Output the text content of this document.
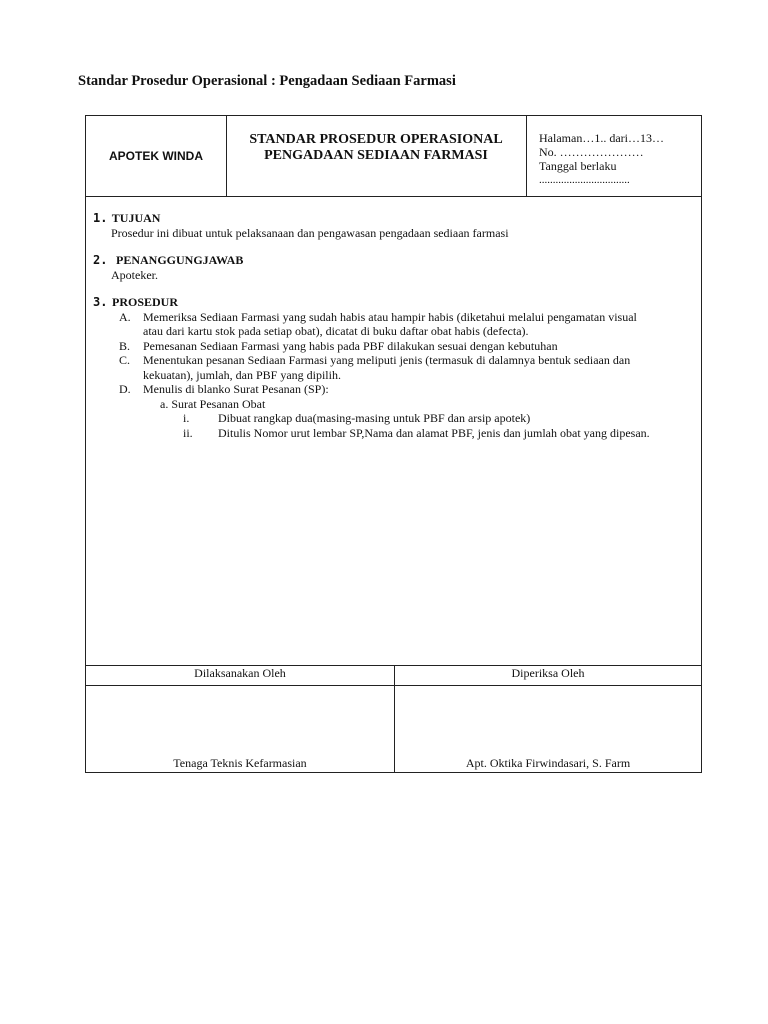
Standar Prosedur Operasional : Pengadaan Sediaan Farmasi
APOTEK WINDA
STANDAR PROSEDUR OPERASIONAL
PENGADAAN SEDIAAN FARMASI
Halaman…1.. dari…13…
No. …………………
Tanggal berlaku
.................................
1. TUJUAN
Prosedur ini dibuat untuk pelaksanaan dan pengawasan pengadaan sediaan farmasi
2. PENANGGUNGJAWAB
Apoteker.
3. PROSEDUR
A. Memeriksa Sediaan Farmasi yang sudah habis atau hampir habis (diketahui melalui pengamatan visual
atau dari kartu stok pada setiap obat), dicatat di buku daftar obat habis (defecta).
B. Pemesanan Sediaan Farmasi yang habis pada PBF dilakukan sesuai dengan kebutuhan
C. Menentukan pesanan Sediaan Farmasi yang meliputi jenis (termasuk di dalamnya bentuk sediaan dan
kekuatan), jumlah, dan PBF yang dipilih.
D. Menulis di blanko Surat Pesanan (SP):
a. Surat Pesanan Obat
i.	Dibuat rangkap dua(masing-masing untuk PBF dan arsip apotek)
ii.	Ditulis Nomor urut lembar SP,Nama dan alamat PBF, jenis dan jumlah obat yang dipesan.
Dilaksanakan Oleh	Diperiksa Oleh
Tenaga Teknis Kefarmasian	Apt. Oktika Firwindasari, S. Farm
